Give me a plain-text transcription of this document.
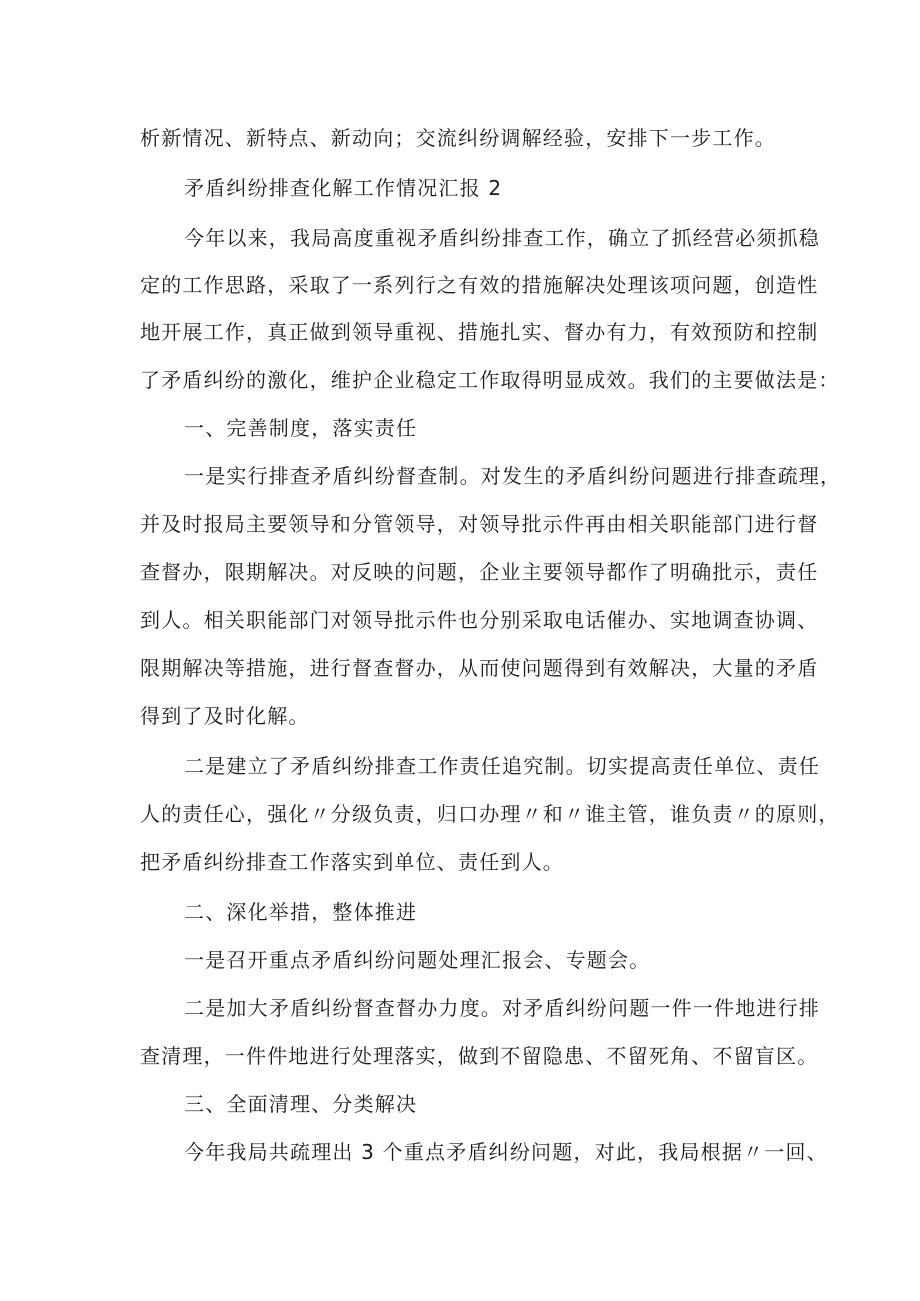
析新情况、新特点、新动向；交流纠纷调解经验，安排下一步工作。
矛盾纠纷排查化解工作情况汇报 2
今年以来，我局高度重视矛盾纠纷排查工作，确立了抓经营必须抓稳
定的工作思路，采取了一系列行之有效的措施解决处理该项问题，创造性
地开展工作，真正做到领导重视、措施扎实、督办有力，有效预防和控制
了矛盾纠纷的激化，维护企业稳定工作取得明显成效。我们的主要做法是：
一、完善制度，落实责任
一是实行排查矛盾纠纷督查制。对发生的矛盾纠纷问题进行排查疏理，
并及时报局主要领导和分管领导，对领导批示件再由相关职能部门进行督
查督办，限期解决。对反映的问题，企业主要领导都作了明确批示，责任
到人。相关职能部门对领导批示件也分别采取电话催办、实地调查协调、
限期解决等措施，进行督查督办，从而使问题得到有效解决，大量的矛盾
得到了及时化解。
二是建立了矛盾纠纷排查工作责任追究制。切实提高责任单位、责任
人的责任心，强化〃分级负责，归口办理〃和〃谁主管，谁负责〃的原则，
把矛盾纠纷排查工作落实到单位、责任到人。
二、深化举措，整体推进
一是召开重点矛盾纠纷问题处理汇报会、专题会。
二是加大矛盾纠纷督查督办力度。对矛盾纠纷问题一件一件地进行排
查清理，一件件地进行处理落实，做到不留隐患、不留死角、不留盲区。
三、全面清理、分类解决
今年我局共疏理出 3 个重点矛盾纠纷问题，对此，我局根据〃一回、
